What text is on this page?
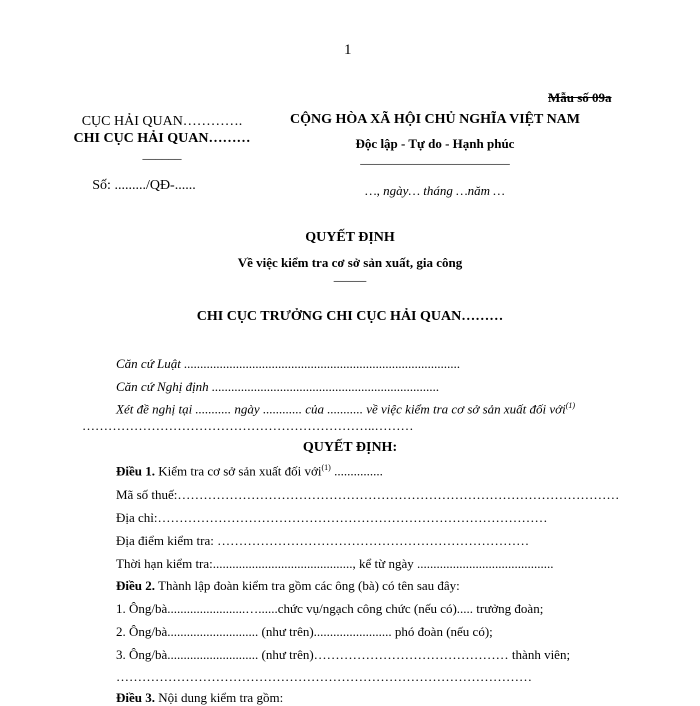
1
Mẫu số 09a
CỤC HẢI QUAN………….
CHI CỤC HẢI QUAN………
______
Số: ........./QĐ-......
CỘNG HÒA XÃ HỘI CHỦ NGHĨA VIỆT NAM
Độc lập - Tự do - Hạnh phúc
_______________________
…, ngày… tháng …năm …
QUYẾT ĐỊNH
Về việc kiểm tra cơ sở sản xuất, gia công
_____
CHI CỤC TRƯỞNG CHI CỤC HẢI QUAN………
Căn cứ Luật .....................................................................................
Căn cứ Nghị định ......................................................................
Xét đề nghị tại ........... ngày ............ của ........... về việc kiểm tra cơ sở sản xuất đối với$^{(1)}$
…………………………………………………………..………
QUYẾT ĐỊNH:
Điều 1. Kiểm tra cơ sở sản xuất đối với$^{(1)}$ ...............
Mã số thuế:…………………………………………………………………………………………
Địa chỉ:………………………………………………………………………………
Địa điểm kiểm tra: ………………………………………………………………
Thời hạn kiểm tra:..........................................., kể từ ngày ..........................................
Điều 2. Thành lập đoàn kiểm tra gồm các ông (bà) có tên sau đây:
1. Ông/bà........................…......chức vụ/ngạch công chức (nếu có)..... trưởng đoàn;
2. Ông/bà............................ (như trên)........................ phó đoàn (nếu có);
3. Ông/bà............................ (như trên)……………………………………… thành viên;
……………………………………………………………………………………
Điều 3. Nội dung kiểm tra gồm:
